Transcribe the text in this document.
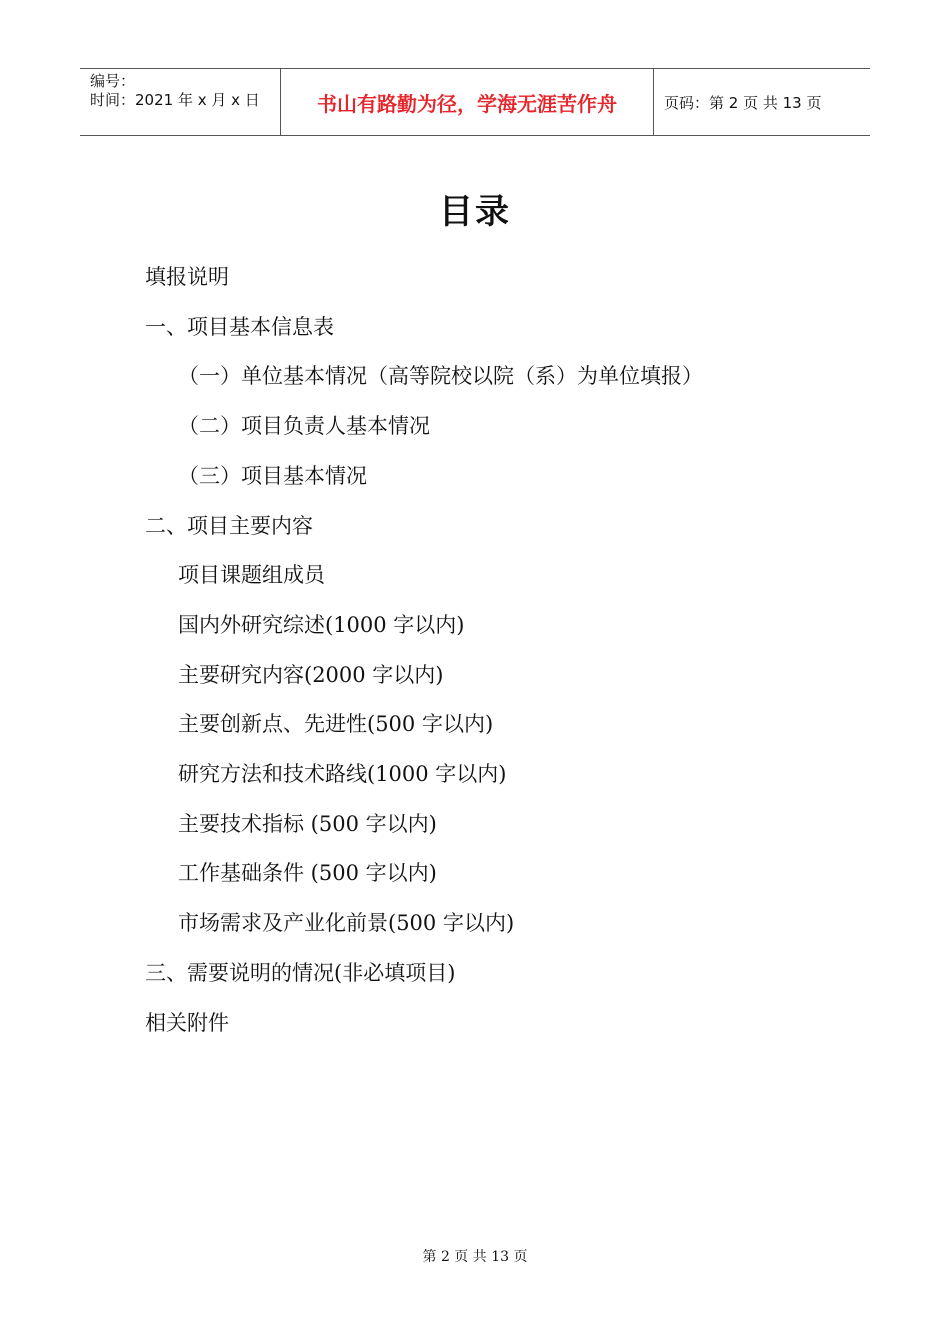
编号：
时间：2021 年 x 月 x 日	书山有路勤为径，学海无涯苦作舟	页码：第 2 页 共 13 页
目录
填报说明
一、项目基本信息表
（一）单位基本情况（高等院校以院（系）为单位填报）
（二）项目负责人基本情况
（三）项目基本情况
二、项目主要内容
项目课题组成员
国内外研究综述(1000 字以内)
主要研究内容(2000 字以内)
主要创新点、先进性(500 字以内)
研究方法和技术路线(1000 字以内)
主要技术指标 (500 字以内)
工作基础条件 (500 字以内)
市场需求及产业化前景(500 字以内)
三、需要说明的情况(非必填项目)
相关附件
第 2 页 共 13 页
